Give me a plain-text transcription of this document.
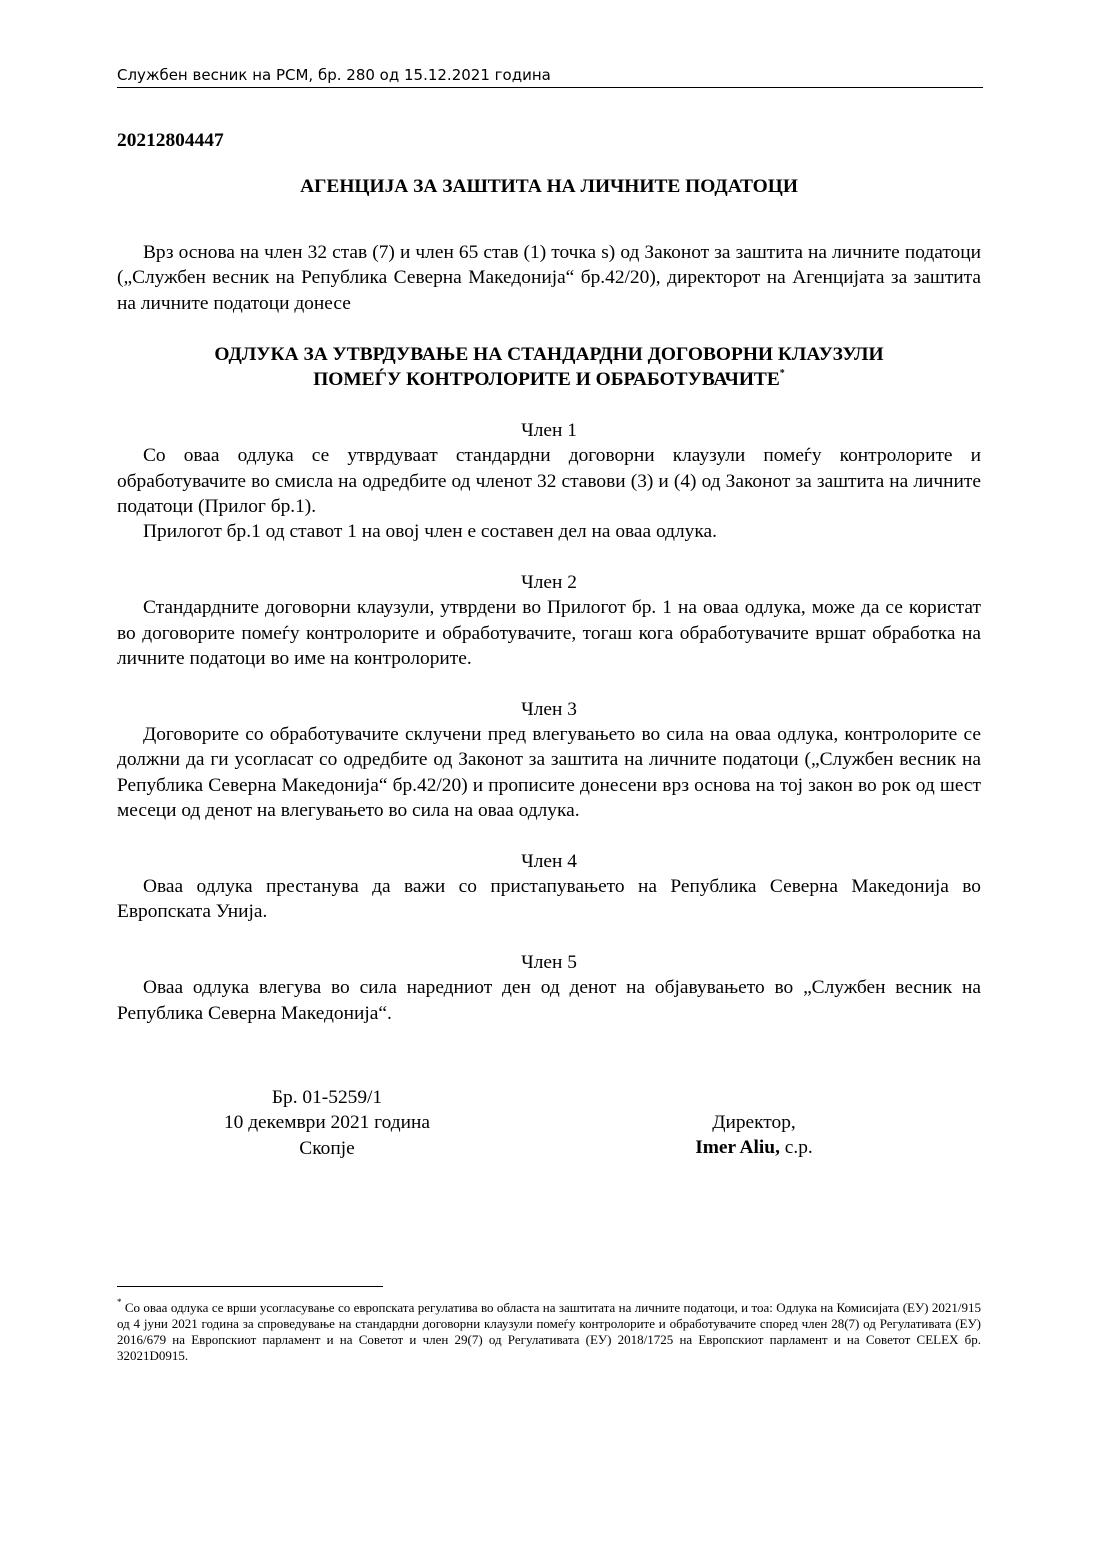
Службен весник на РСМ, бр. 280 од 15.12.2021 година

20212804447

АГЕНЦИЈА ЗА ЗАШТИТА НА ЛИЧНИТЕ ПОДАТОЦИ

Врз основа на член 32 став (7) и член 65 став (1) точка ѕ) од Законот за заштита на личните податоци („Службен весник на Република Северна Македонија“ бр.42/20), директорот на Агенцијата за заштита на личните податоци донесе

ОДЛУКА ЗА УТВРДУВАЊЕ НА СТАНДАРДНИ ДОГОВОРНИ КЛАУЗУЛИ
ПОМЕЃУ КОНТРОЛОРИТЕ И ОБРАБОТУВАЧИТЕ*

Член 1

Со оваа одлука се утврдуваат стандардни договорни клаузули помеѓу контролорите и обработувачите во смисла на одредбите од членот 32 ставови (3) и (4) од Законот за заштита на личните податоци (Прилог бр.1).

Прилогот бр.1 од ставот 1 на овој член е составен дел на оваа одлука.

Член 2

Стандардните договорни клаузули, утврдени во Прилогот бр. 1 на оваа одлука, може да се користат во договорите помеѓу контролорите и обработувачите, тогаш кога обработувачите вршат обработка на личните податоци во име на контролорите.

Член 3

Договорите со обработувачите склучени пред влегувањето во сила на оваа одлука, контролорите се должни да ги усогласат со одредбите од Законот за заштита на личните податоци („Службен весник на Република Северна Македонија“ бр.42/20) и прописите донесени врз основа на тој закон во рок од шест месеци од денот на влегувањето во сила на оваа одлука.

Член 4

Оваа одлука престанува да важи со пристапувањето на Република Северна Македонија во Европската Унија.

Член 5

Оваа одлука влегува во сила наредниот ден од денот на објавувањето во „Службен весник на Република Северна Македонија“.

Бр. 01-5259/1
10 декември 2021 година
Скопје
Директор,
Imer Aliu, с.р.
* Со оваа одлука се врши усогласување со европската регулатива во областа на заштитата на личните податоци, и тоа: Одлука на Комисијата (ЕУ) 2021/915 од 4 јуни 2021 година за спроведување на стандардни договорни клаузули помеѓу контролорите и обработувачите според член 28(7) од Регулативата (ЕУ) 2016/679 на Европскиот парламент и на Советот и член 29(7) од Регулативата (ЕУ) 2018/1725 на Европскиот парламент и на Советот CELEX бр. 32021D0915.
